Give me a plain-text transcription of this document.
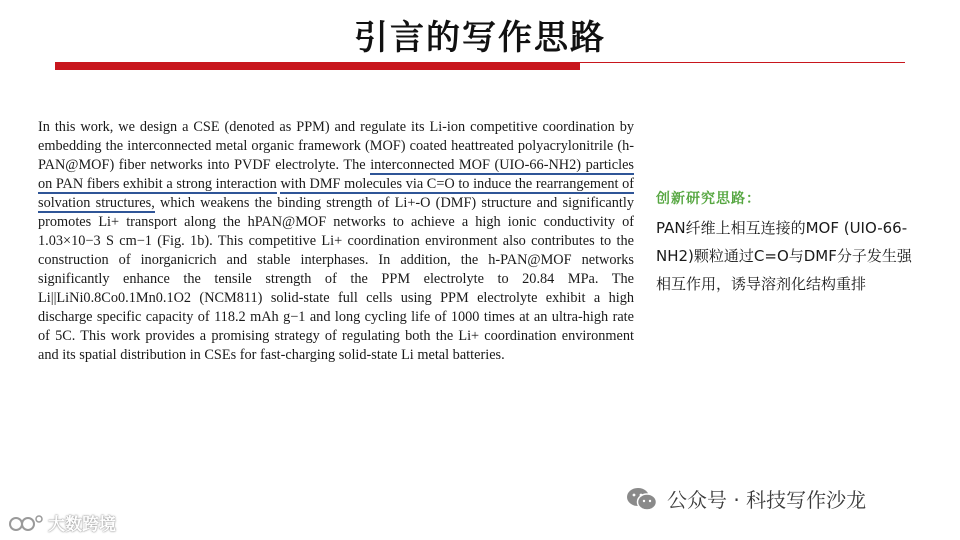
引言的写作思路
In this work, we design a CSE (denoted as PPM) and regulate its Li-ion competitive coordination by embedding the interconnected metal organic framework (MOF) coated heattreated polyacrylonitrile (h-PAN@MOF) fiber networks into PVDF electrolyte. The interconnected MOF (UIO-66-NH2) particles on PAN fibers exhibit a strong interaction with DMF molecules via C=O to induce the rearrangement of solvation structures, which weakens the binding strength of Li+-O (DMF) structure and significantly promotes Li+ transport along the hPAN@MOF networks to achieve a high ionic conductivity of 1.03×10−3 S cm−1 (Fig. 1b). This competitive Li+ coordination environment also contributes to the construction of inorganicrich and stable interphases. In addition, the h-PAN@MOF networks significantly enhance the tensile strength of the PPM electrolyte to 20.84 MPa. The Li||LiNi0.8Co0.1Mn0.1O2 (NCM811) solid-state full cells using PPM electrolyte exhibit a high discharge specific capacity of 118.2 mAh g−1 and long cycling life of 1000 times at an ultra-high rate of 5C. This work provides a promising strategy of regulating both the Li+ coordination environment and its spatial distribution in CSEs for fast-charging solid-state Li metal batteries.
创新研究思路：
PAN纤维上相互连接的MOF (UIO-66-NH2)颗粒通过C=O与DMF分子发生强相互作用，诱导溶剂化结构重排
公众号 · 科技写作沙龙
大数跨境
